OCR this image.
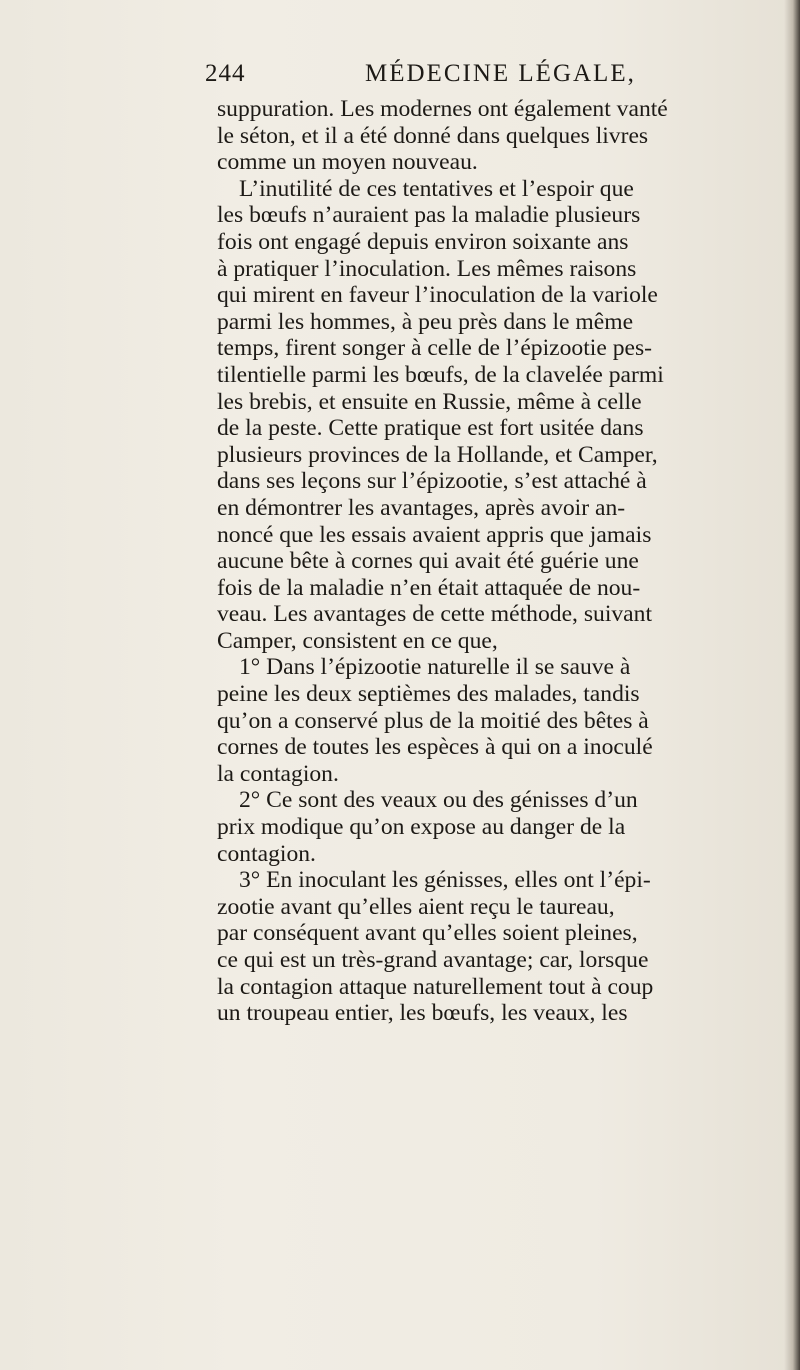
244	MÉDECINE LÉGALE,
suppuration. Les modernes ont également vanté
le séton, et il a été donné dans quelques livres
comme un moyen nouveau.
L’inutilité de ces tentatives et l’espoir que
les bœufs n’auraient pas la maladie plusieurs
fois ont engagé depuis environ soixante ans
à pratiquer l’inoculation. Les mêmes raisons
qui mirent en faveur l’inoculation de la variole
parmi les hommes, à peu près dans le même
temps, firent songer à celle de l’épizootie pes-
tilentielle parmi les bœufs, de la clavelée parmi
les brebis, et ensuite en Russie, même à celle
de la peste. Cette pratique est fort usitée dans
plusieurs provinces de la Hollande, et Camper,
dans ses leçons sur l’épizootie, s’est attaché à
en démontrer les avantages, après avoir an-
noncé que les essais avaient appris que jamais
aucune bête à cornes qui avait été guérie une
fois de la maladie n’en était attaquée de nou-
veau. Les avantages de cette méthode, suivant
Camper, consistent en ce que,
1° Dans l’épizootie naturelle il se sauve à
peine les deux septièmes des malades, tandis
qu’on a conservé plus de la moitié des bêtes à
cornes de toutes les espèces à qui on a inoculé
la contagion.
2° Ce sont des veaux ou des génisses d’un
prix modique qu’on expose au danger de la
contagion.
3° En inoculant les génisses, elles ont l’épi-
zootie avant qu’elles aient reçu le taureau,
par conséquent avant qu’elles soient pleines,
ce qui est un très-grand avantage; car, lorsque
la contagion attaque naturellement tout à coup
un troupeau entier, les bœufs, les veaux, les
